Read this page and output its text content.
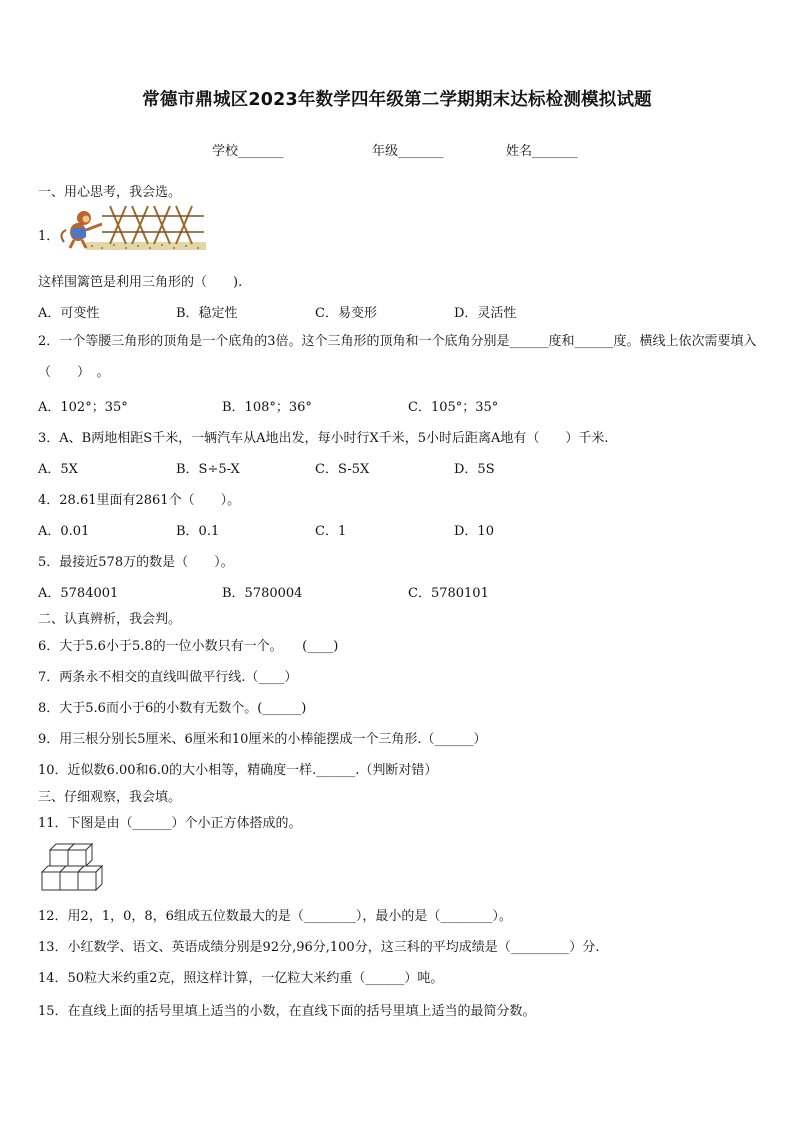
常德市鼎城区2023年数学四年级第二学期期末达标检测模拟试题
学校_______	年级_______	姓名_______
一、用心思考，我会选。
1．
这样围篱笆是利用三角形的（　　).
A．可变性	B．稳定性	C．易变形	D．灵活性
2．一个等腰三角形的顶角是一个底角的3倍。这个三角形的顶角和一个底角分别是______度和______度。横线上依次需要填入（　　）　。
A．102°；35°	B．108°；36°	C．105°；35°
3．A、B两地相距S千米，一辆汽车从A地出发，每小时行X千米，5小时后距离A地有（　　）千米.
A．5X	B．S÷5-X	C．S-5X	D．5S
4．28.61里面有2861个（　　）。
A．0.01	B．0.1	C．1	D．10
5．最接近578万的数是（　　）。
A．5784001	B．5780004	C．5780101
二、认真辨析，我会判。
6．大于5.6小于5.8的一位小数只有一个。　　(____)
7．两条永不相交的直线叫做平行线.（____）
8．大于5.6而小于6的小数有无数个。(______)
9．用三根分别长5厘米、6厘米和10厘米的小棒能摆成一个三角形.（______）
10．近似数6.00和6.0的大小相等，精确度一样.______.（判断对错）
三、仔细观察，我会填。
11．下图是由（______）个小正方体搭成的。
12．用2，1，0，8，6组成五位数最大的是（________），最小的是（________）。
13．小红数学、语文、英语成绩分别是92分,96分,100分，这三科的平均成绩是（_________）分.
14．50粒大米约重2克，照这样计算，一亿粒大米约重（______）吨。
15．在直线上面的括号里填上适当的小数，在直线下面的括号里填上适当的最简分数。
